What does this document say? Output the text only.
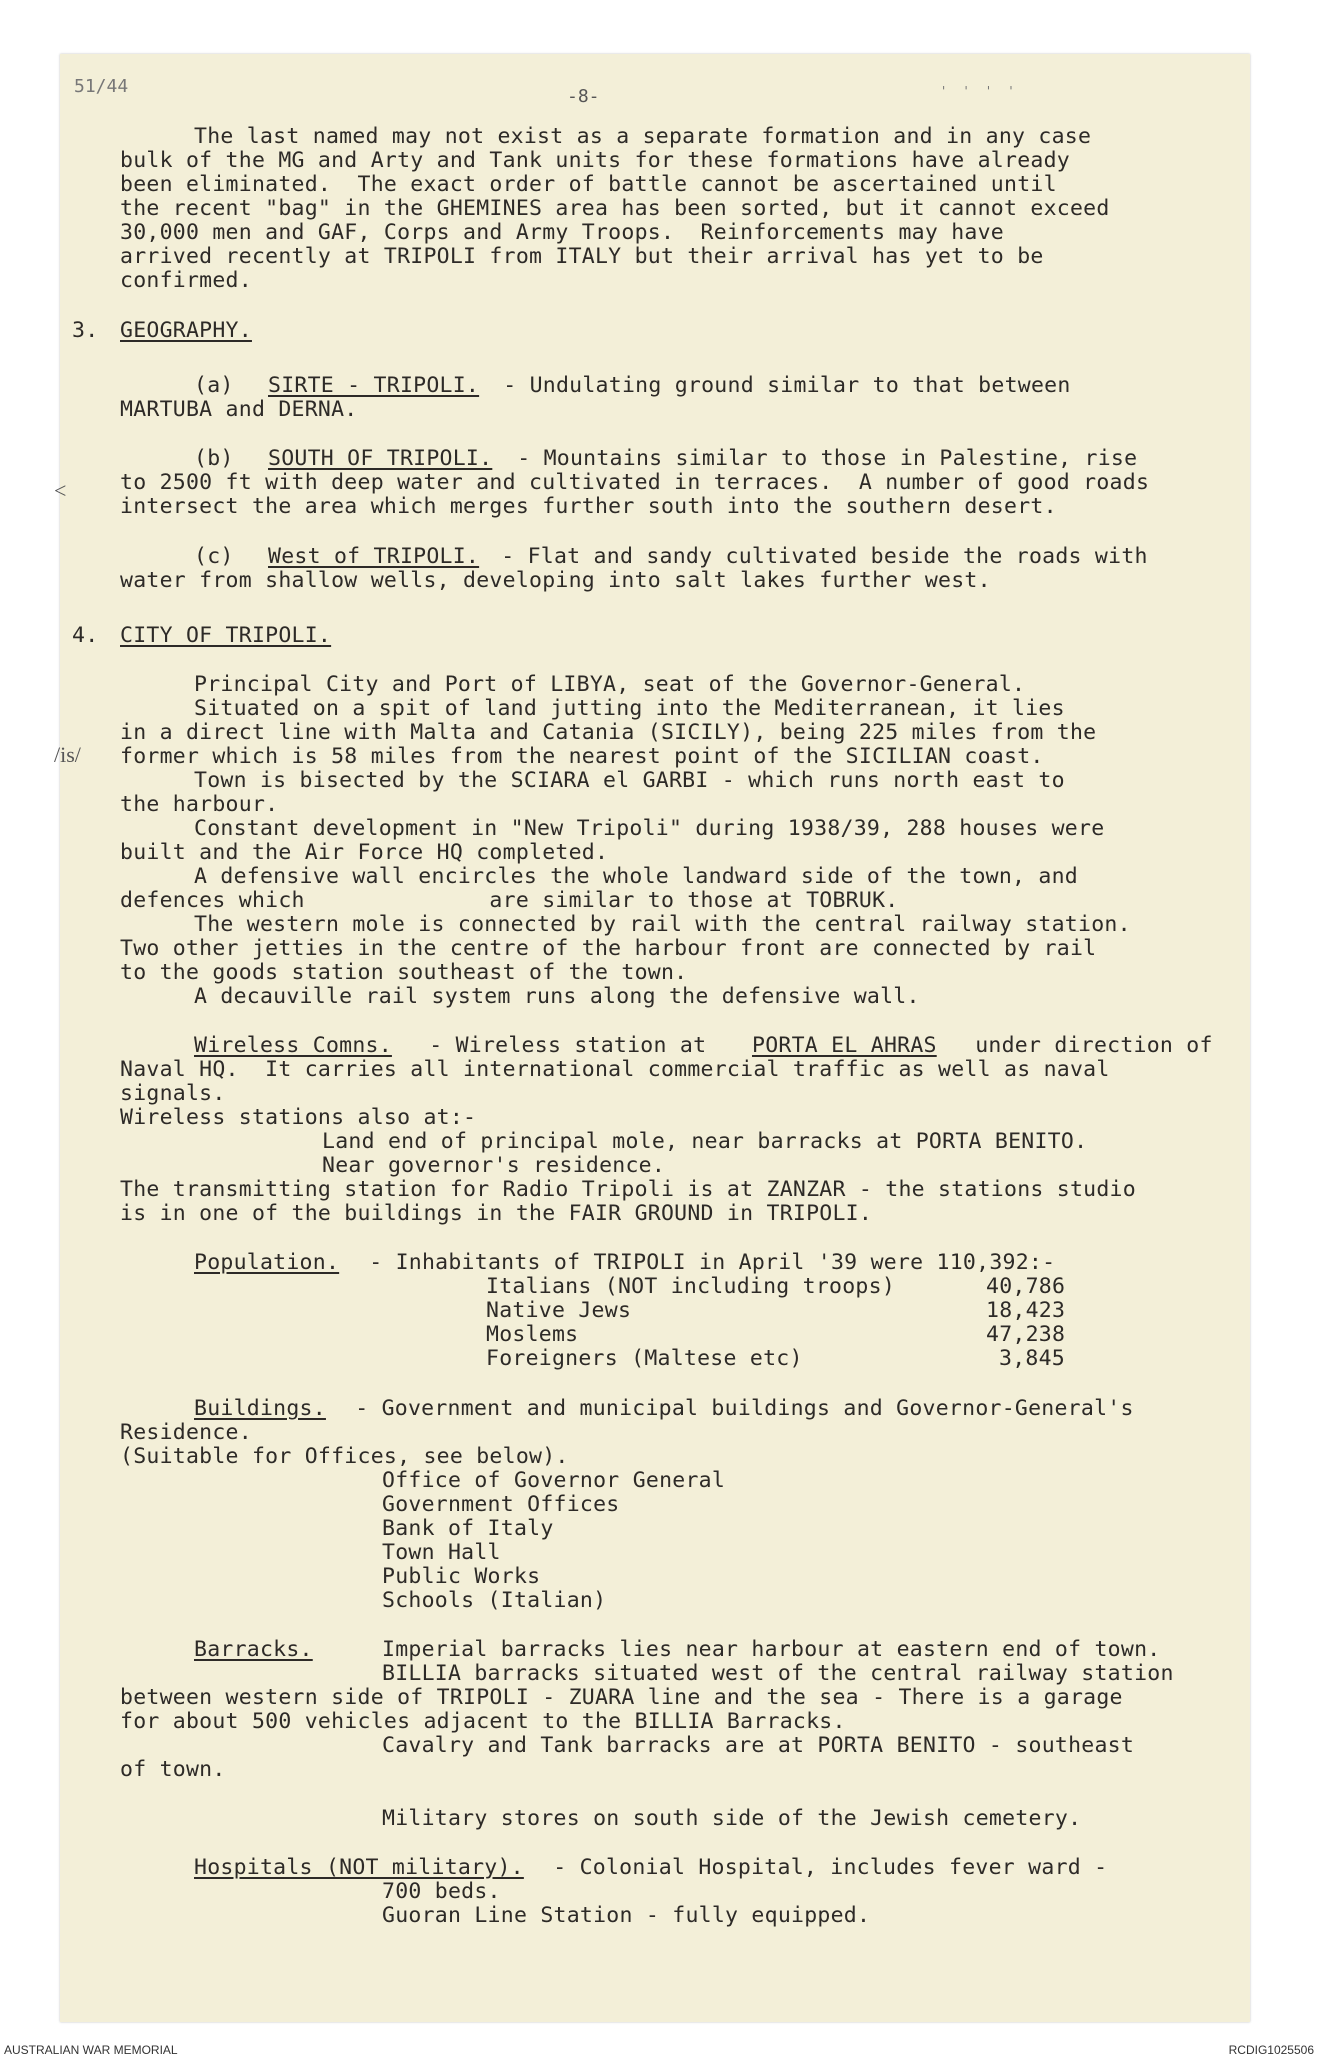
51/44	-8-	' ' ' '
The last named may not exist as a separate formation and in any case
bulk of the MG and Arty and Tank units for these formations have already
been eliminated.  The exact order of battle cannot be ascertained until
the recent "bag" in the GHEMINES area has been sorted, but it cannot exceed
30,000 men and GAF, Corps and Army Troops.  Reinforcements may have
arrived recently at TRIPOLI from ITALY but their arrival has yet to be
confirmed.
3. GEOGRAPHY.
(a) SIRTE - TRIPOLI. - Undulating ground similar to that between
MARTUBA and DERNA.
(b) SOUTH OF TRIPOLI. - Mountains similar to those in Palestine, rise
to 2500 ft with deep water and cultivated in terraces.  A number of good roads
intersect the area which merges further south into the southern desert.
<
(c) West of TRIPOLI. - Flat and sandy cultivated beside the roads with
water from shallow wells, developing into salt lakes further west.
4. CITY OF TRIPOLI.
Principal City and Port of LIBYA, seat of the Governor-General.
Situated on a spit of land jutting into the Mediterranean, it lies
in a direct line with Malta and Catania (SICILY), being 225 miles from the
former which is 58 miles from the nearest point of the SICILIAN coast.
/is/
Town is bisected by the SCIARA el GARBI - which runs north east to
the harbour.
Constant development in "New Tripoli" during 1938/39, 288 houses were
built and the Air Force HQ completed.
A defensive wall encircles the whole landward side of the town, and
defences which              are similar to those at TOBRUK.
The western mole is connected by rail with the central railway station.
Two other jetties in the centre of the harbour front are connected by rail
to the goods station southeast of the town.
A decauville rail system runs along the defensive wall.
Wireless Comns. - Wireless station at PORTA EL AHRAS under direction of
Naval HQ.  It carries all international commercial traffic as well as naval
signals.
Wireless stations also at:-
Land end of principal mole, near barracks at PORTA BENITO.
Near governor's residence.
The transmitting station for Radio Tripoli is at ZANZAR - the stations studio
is in one of the buildings in the FAIR GROUND in TRIPOLI.
Population. - Inhabitants of TRIPOLI in April '39 were 110,392:-
Italians (NOT including troops)	40,786
Native Jews	18,423
Moslems	47,238
Foreigners (Maltese etc)	3,845
Buildings. - Government and municipal buildings and Governor-General's
Residence.
(Suitable for Offices, see below).
Office of Governor General
Government Offices
Bank of Italy
Town Hall
Public Works
Schools (Italian)
Barracks.	Imperial barracks lies near harbour at eastern end of town.
BILLIA barracks situated west of the central railway station
between western side of TRIPOLI - ZUARA line and the sea - There is a garage
for about 500 vehicles adjacent to the BILLIA Barracks.
Cavalry and Tank barracks are at PORTA BENITO - southeast
of town.
Military stores on south side of the Jewish cemetery.
Hospitals (NOT military). - Colonial Hospital, includes fever ward -
700 beds.
Guoran Line Station - fully equipped.
AUSTRALIAN WAR MEMORIAL	RCDIG1025506
